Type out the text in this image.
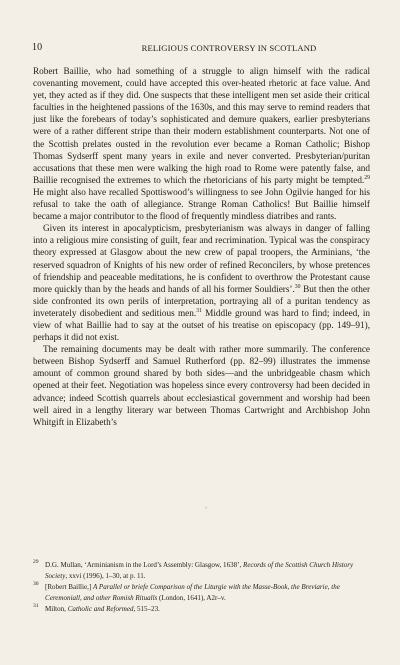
10	RELIGIOUS CONTROVERSY IN SCOTLAND

Robert Baillie, who had something of a struggle to align himself with the radical covenanting movement, could have accepted this over-heated rhetoric at face value. And yet, they acted as if they did. One suspects that these intelligent men set aside their critical faculties in the heightened passions of the 1630s, and this may serve to remind readers that just like the forebears of today’s sophisticated and demure quakers, earlier presbyterians were of a rather different stripe than their modern establishment counterparts. Not one of the Scottish prelates ousted in the revolution ever became a Roman Catholic; Bishop Thomas Sydserff spent many years in exile and never converted. Presbyterian/puritan accusations that these men were walking the high road to Rome were patently false, and Baillie recognised the extremes to which the rhetoricians of his party might be tempted.$^{29}$ He might also have recalled Spottiswood’s willingness to see John Ogilvie hanged for his refusal to take the oath of allegiance. Strange Roman Catholics! But Baillie himself became a major contributor to the flood of frequently mindless diatribes and rants.

Given its interest in apocalypticism, presbyterianism was always in danger of falling into a religious mire consisting of guilt, fear and recrimination. Typical was the conspiracy theory expressed at Glasgow about the new crew of papal troopers, the Arminians, ‘the reserved squadron of Knights of his new order of refined Reconcilers, by whose pretences of friendship and peaceable meditations, he is confident to overthrow the Protestant cause more quickly than by the heads and hands of all his former Souldiers’.$^{30}$ But then the other side confronted its own perils of interpretation, portraying all of a puritan tendency as inveterately disobedient and seditious men.$^{31}$ Middle ground was hard to find; indeed, in view of what Baillie had to say at the outset of his treatise on episcopacy (pp. 149–91), perhaps it did not exist.

The remaining documents may be dealt with rather more summarily. The conference between Bishop Sydserff and Samuel Rutherford (pp. 82–99) illustrates the immense amount of common ground shared by both sides—and the unbridgeable chasm which opened at their feet. Negotiation was hopeless since every controversy had been decided in advance; indeed Scottish quarrels about ecclesiastical government and worship had been well aired in a lengthy literary war between Thomas Cartwright and Archbishop John Whitgift in Elizabeth’s

’

29 D.G. Mullan, ‘Arminianism in the Lord’s Assembly: Glasgow, 1638’, Records of the Scottish Church History Society, xxvi (1996), 1–30, at p. 11.

30 [Robert Baillie,] A Parallel or briefe Comparison of the Liturgie with the Masse-Book, the Breviarie, the Ceremoniall, and other Romish Ritualls (London, 1641), A2r–v.

31 Milton, Catholic and Reformed, 515–23.
